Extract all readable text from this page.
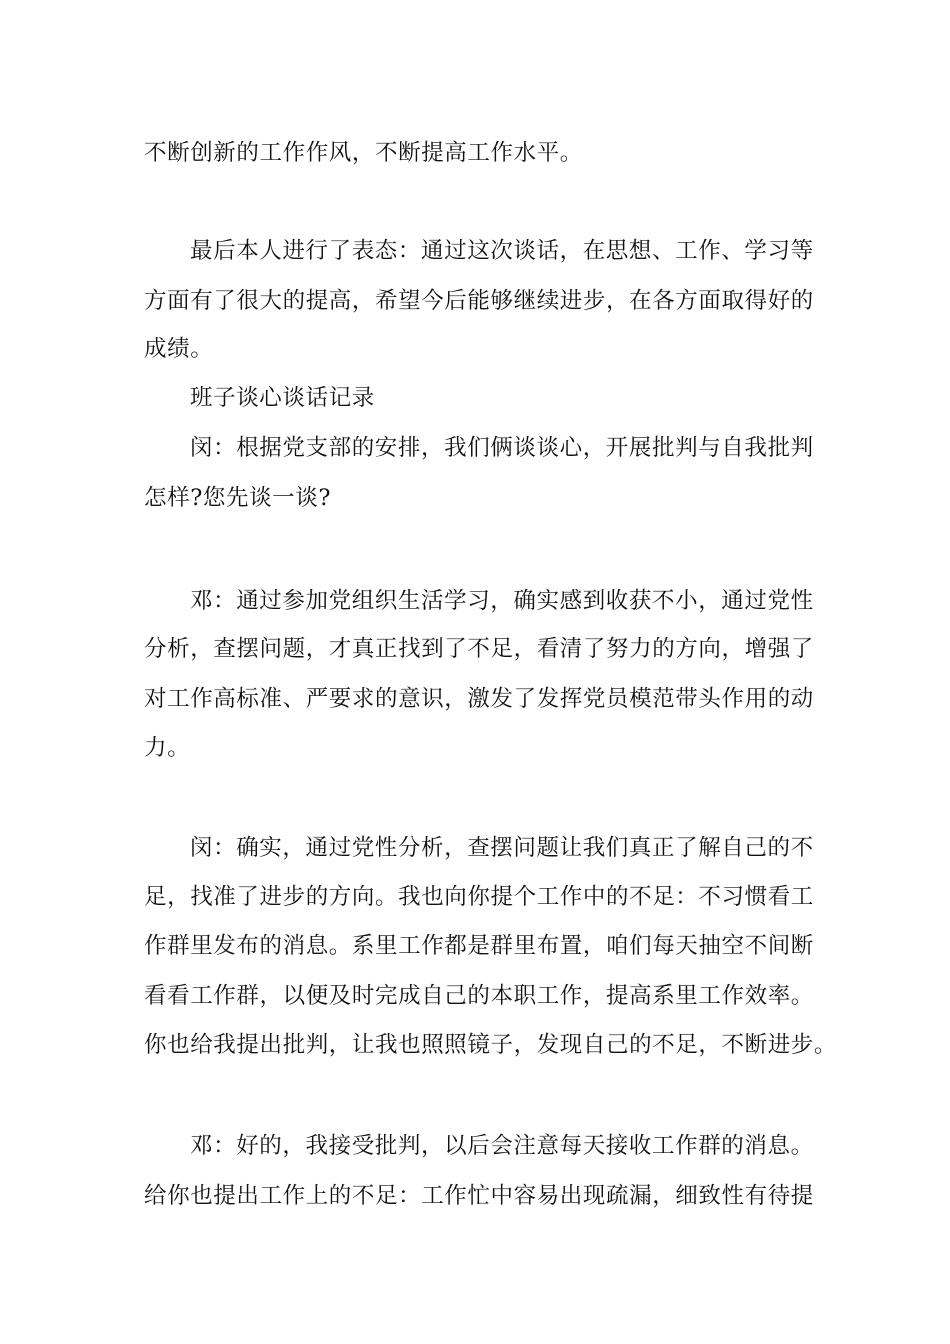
不断创新的工作作风，不断提高工作水平。
最后本人进行了表态：通过这次谈话，在思想、工作、学习等
方面有了很大的提高，希望今后能够继续进步，在各方面取得好的
成绩。
班子谈心谈话记录
闵：根据党支部的安排，我们俩谈谈心，开展批判与自我批判
怎样?您先谈一谈?
邓：通过参加党组织生活学习，确实感到收获不小，通过党性
分析，查摆问题，才真正找到了不足，看清了努力的方向，增强了
对工作高标准、严要求的意识，激发了发挥党员模范带头作用的动
力。
闵：确实，通过党性分析，查摆问题让我们真正了解自己的不
足，找准了进步的方向。我也向你提个工作中的不足：不习惯看工
作群里发布的消息。系里工作都是群里布置，咱们每天抽空不间断
看看工作群，以便及时完成自己的本职工作，提高系里工作效率。
你也给我提出批判，让我也照照镜子，发现自己的不足，不断进步。
邓：好的，我接受批判，以后会注意每天接收工作群的消息。
给你也提出工作上的不足：工作忙中容易出现疏漏，细致性有待提
